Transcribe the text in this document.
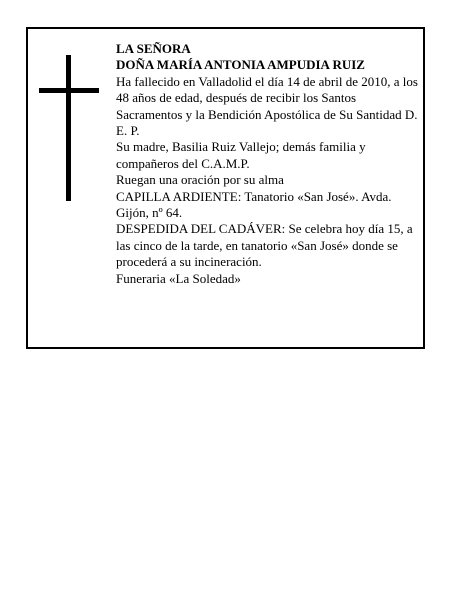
LA SEÑORA

DOÑA MARÍA ANTONIA AMPUDIA RUIZ

Ha fallecido en Valladolid el día 14 de abril de 2010, a los 48 años de edad, después de recibir los Santos Sacramentos y la Bendición Apostólica de Su Santidad D. E. P.

Su madre, Basilia Ruiz Vallejo; demás familia y compañeros del C.A.M.P.

Ruegan una oración por su alma

CAPILLA ARDIENTE: Tanatorio «San José». Avda. Gijón, nº 64.

DESPEDIDA DEL CADÁVER: Se celebra hoy día 15, a las cinco de la tarde, en tanatorio «San José» donde se procederá a su incineración.

Funeraria «La Soledad»
